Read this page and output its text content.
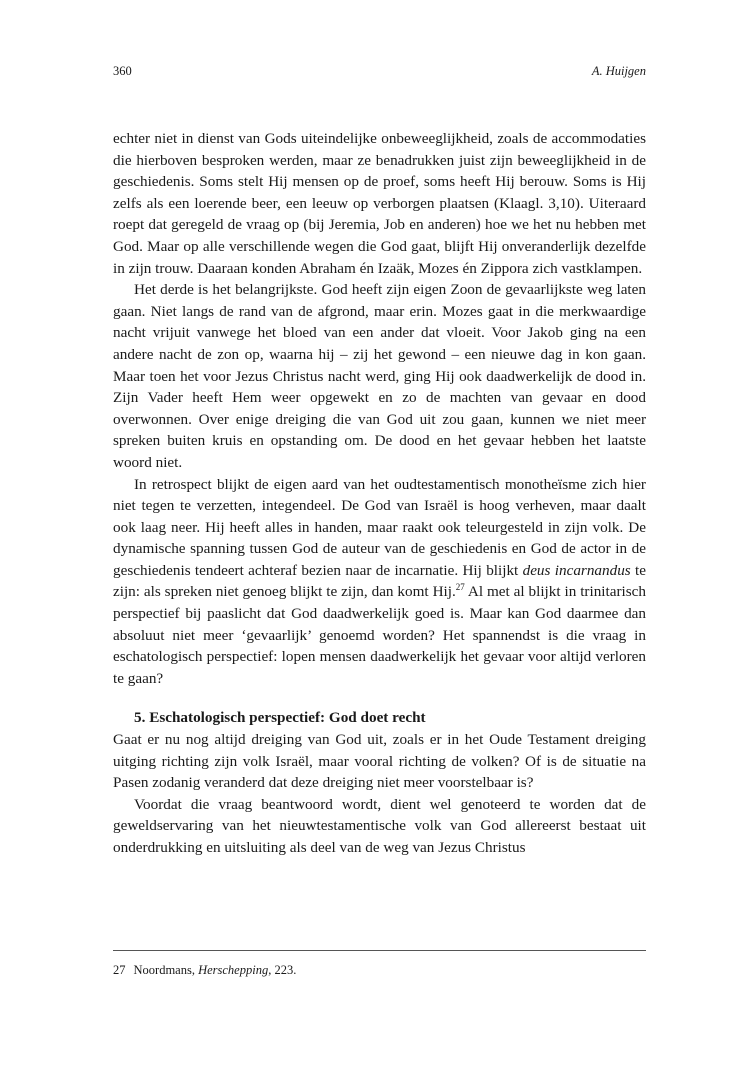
360	A. Huijgen

echter niet in dienst van Gods uiteindelijke onbeweeglijkheid, zoals de accommodaties die hierboven besproken werden, maar ze benadrukken juist zijn beweeglijkheid in de geschiedenis. Soms stelt Hij mensen op de proef, soms heeft Hij berouw. Soms is Hij zelfs als een loerende beer, een leeuw op verborgen plaatsen (Klaagl. 3,10). Uiteraard roept dat geregeld de vraag op (bij Jeremia, Job en anderen) hoe we het nu hebben met God. Maar op alle verschillende wegen die God gaat, blijft Hij onveranderlijk dezelfde in zijn trouw. Daaraan konden Abraham én Izaäk, Mozes én Zippora zich vastklampen.

Het derde is het belangrijkste. God heeft zijn eigen Zoon de gevaarlijkste weg laten gaan. Niet langs de rand van de afgrond, maar erin. Mozes gaat in die merkwaardige nacht vrijuit vanwege het bloed van een ander dat vloeit. Voor Jakob ging na een andere nacht de zon op, waarna hij – zij het gewond – een nieuwe dag in kon gaan. Maar toen het voor Jezus Christus nacht werd, ging Hij ook daadwerkelijk de dood in. Zijn Vader heeft Hem weer opgewekt en zo de machten van gevaar en dood overwonnen. Over enige dreiging die van God uit zou gaan, kunnen we niet meer spreken buiten kruis en opstanding om. De dood en het gevaar hebben het laatste woord niet.

In retrospect blijkt de eigen aard van het oudtestamentisch monotheïsme zich hier niet tegen te verzetten, integendeel. De God van Israël is hoog verheven, maar daalt ook laag neer. Hij heeft alles in handen, maar raakt ook teleurgesteld in zijn volk. De dynamische spanning tussen God de auteur van de geschiedenis en God de actor in de geschiedenis tendeert achteraf bezien naar de incarnatie. Hij blijkt deus incarnandus te zijn: als spreken niet genoeg blijkt te zijn, dan komt Hij.$^{27}$ Al met al blijkt in trinitarisch perspectief bij paaslicht dat God daadwerkelijk goed is. Maar kan God daarmee dan absoluut niet meer ‘gevaarlijk’ genoemd worden? Het spannendst is die vraag in eschatologisch perspectief: lopen mensen daadwerkelijk het gevaar voor altijd verloren te gaan?

5. Eschatologisch perspectief: God doet recht

Gaat er nu nog altijd dreiging van God uit, zoals er in het Oude Testament dreiging uitging richting zijn volk Israël, maar vooral richting de volken? Of is de situatie na Pasen zodanig veranderd dat deze dreiging niet meer voorstelbaar is?

Voordat die vraag beantwoord wordt, dient wel genoteerd te worden dat de geweldservaring van het nieuwtestamentische volk van God allereerst bestaat uit onderdrukking en uitsluiting als deel van de weg van Jezus Christus

27 Noordmans, Herschepping, 223.
